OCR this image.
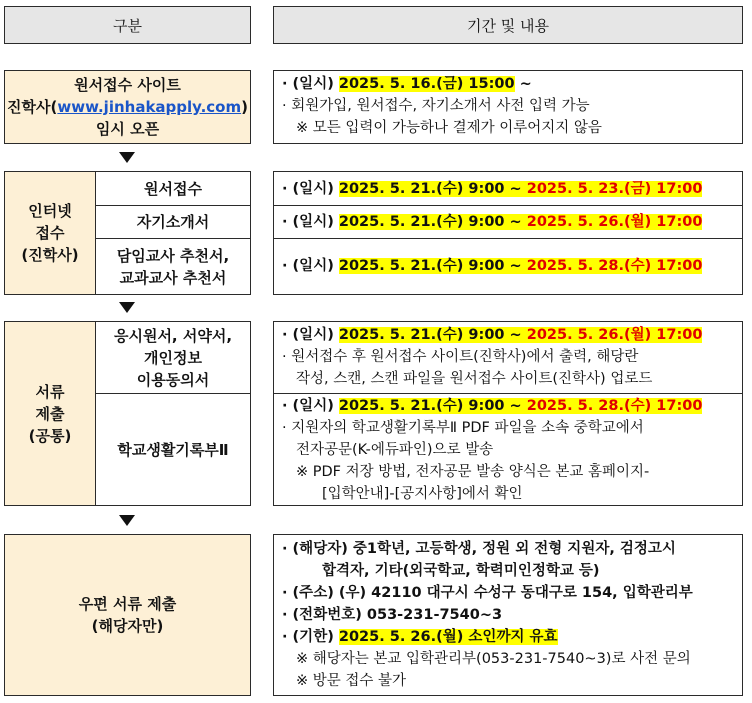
구분	기간 및 내용
원서접수 사이트
진학사(www.jinhakapply.com)
임시 오픈
· (일시) 2025. 5. 16.(금) 15:00 ~
· 회원가입, 원서접수, 자기소개서 사전 입력 가능
※ 모든 입력이 가능하나 결제가 이루어지지 않음
인터넷
접수
(진학사)
원서접수
자기소개서
담임교사 추천서,
교과교사 추천서
· (일시) 2025. 5. 21.(수) 9:00 ~ 2025. 5. 23.(금) 17:00
· (일시) 2025. 5. 21.(수) 9:00 ~ 2025. 5. 26.(월) 17:00
· (일시) 2025. 5. 21.(수) 9:00 ~ 2025. 5. 28.(수) 17:00
서류
제출
(공통)
응시원서, 서약서,
개인정보
이용동의서
학교생활기록부Ⅱ
· (일시) 2025. 5. 21.(수) 9:00 ~ 2025. 5. 26.(월) 17:00
· 원서접수 후 원서접수 사이트(진학사)에서 출력, 해당란
작성, 스캔, 스캔 파일을 원서접수 사이트(진학사) 업로드
· (일시) 2025. 5. 21.(수) 9:00 ~ 2025. 5. 28.(수) 17:00
· 지원자의 학교생활기록부Ⅱ PDF 파일을 소속 중학교에서
전자공문(K-에듀파인)으로 발송
※ PDF 저장 방법, 전자공문 발송 양식은 본교 홈페이지-
[입학안내]-[공지사항]에서 확인
우편 서류 제출
(해당자만)
· (해당자) 중1학년, 고등학생, 정원 외 전형 지원자, 검정고시
합격자, 기타(외국학교, 학력미인정학교 등)
· (주소) (우) 42110 대구시 수성구 동대구로 154, 입학관리부
· (전화번호) 053-231-7540~3
· (기한) 2025. 5. 26.(월) 소인까지 유효
※ 해당자는 본교 입학관리부(053-231-7540~3)로 사전 문의
※ 방문 접수 불가
